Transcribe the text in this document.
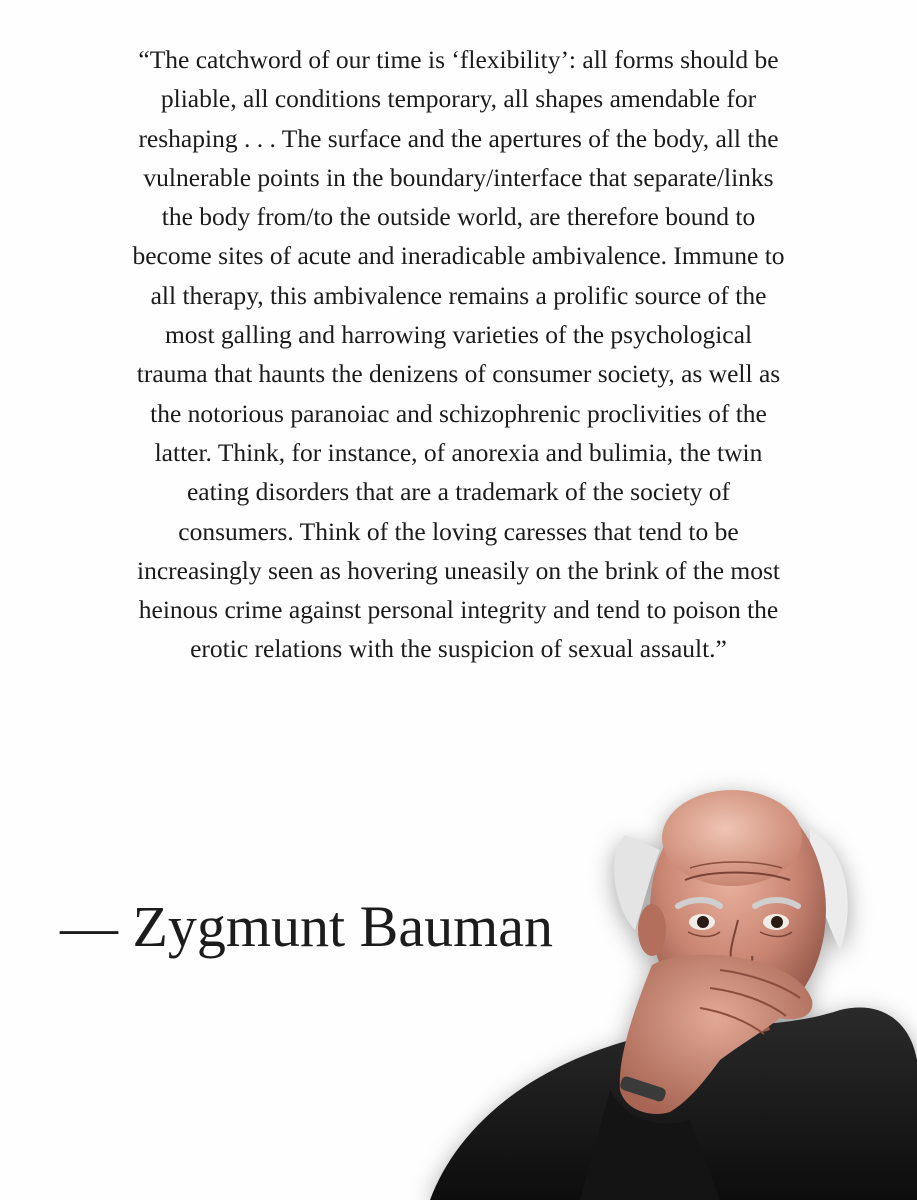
“The catchword of our time is ‘flexibility’: all forms should be
pliable, all conditions temporary, all shapes amendable for
reshaping . . . The surface and the apertures of the body, all the
vulnerable points in the boundary/interface that separate/links
the body from/to the outside world, are therefore bound to
become sites of acute and ineradicable ambivalence. Immune to
all therapy, this ambivalence remains a prolific source of the
most galling and harrowing varieties of the psychological
trauma that haunts the denizens of consumer society, as well as
the notorious paranoiac and schizophrenic proclivities of the
latter. Think, for instance, of anorexia and bulimia, the twin
eating disorders that are a trademark of the society of
consumers. Think of the loving caresses that tend to be
increasingly seen as hovering uneasily on the brink of the most
heinous crime against personal integrity and tend to poison the
erotic relations with the suspicion of sexual assault.”

— Zygmunt Bauman
